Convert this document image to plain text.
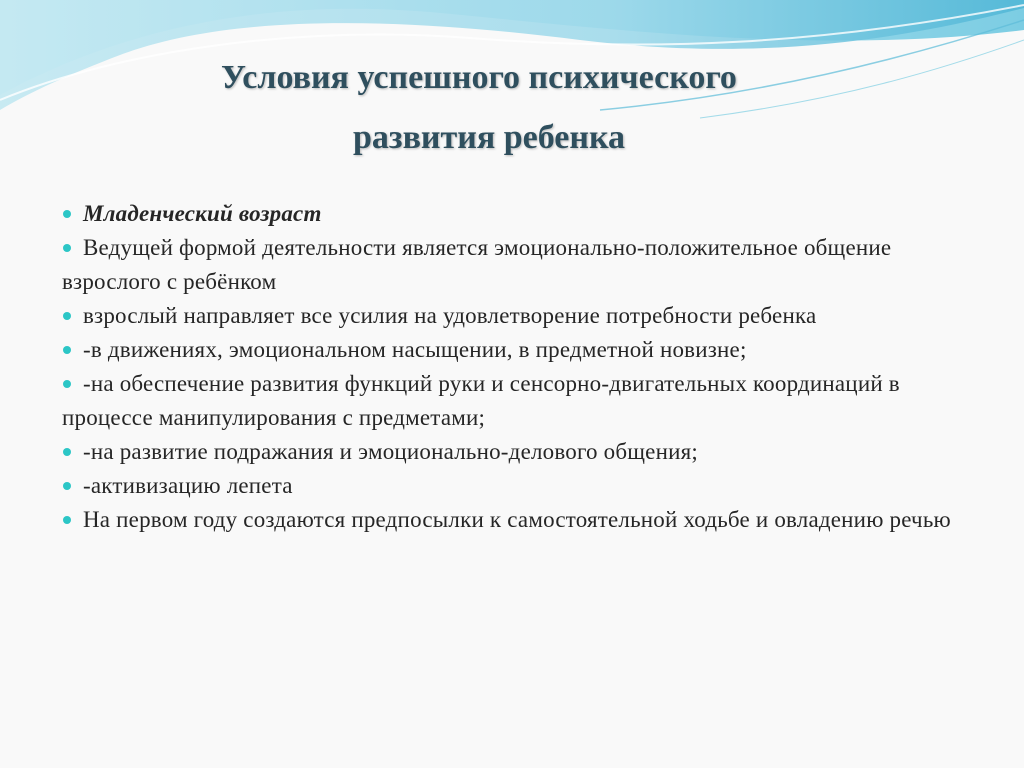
Условия успешного психического
развития ребенка

Младенческий возраст

Ведущей формой деятельности является эмоционально-положительное общение взрослого с ребёнком

взрослый направляет все усилия на удовлетворение потребности ребенка

-в движениях, эмоциональном насыщении, в предметной новизне;

-на обеспечение развития функций руки и сенсорно-двигательных координаций в процессе манипулирования с предметами;

-на развитие подражания и эмоционально-делового общения;

-активизацию лепета

На первом году создаются предпосылки к самостоятельной ходьбе и овладению речью
